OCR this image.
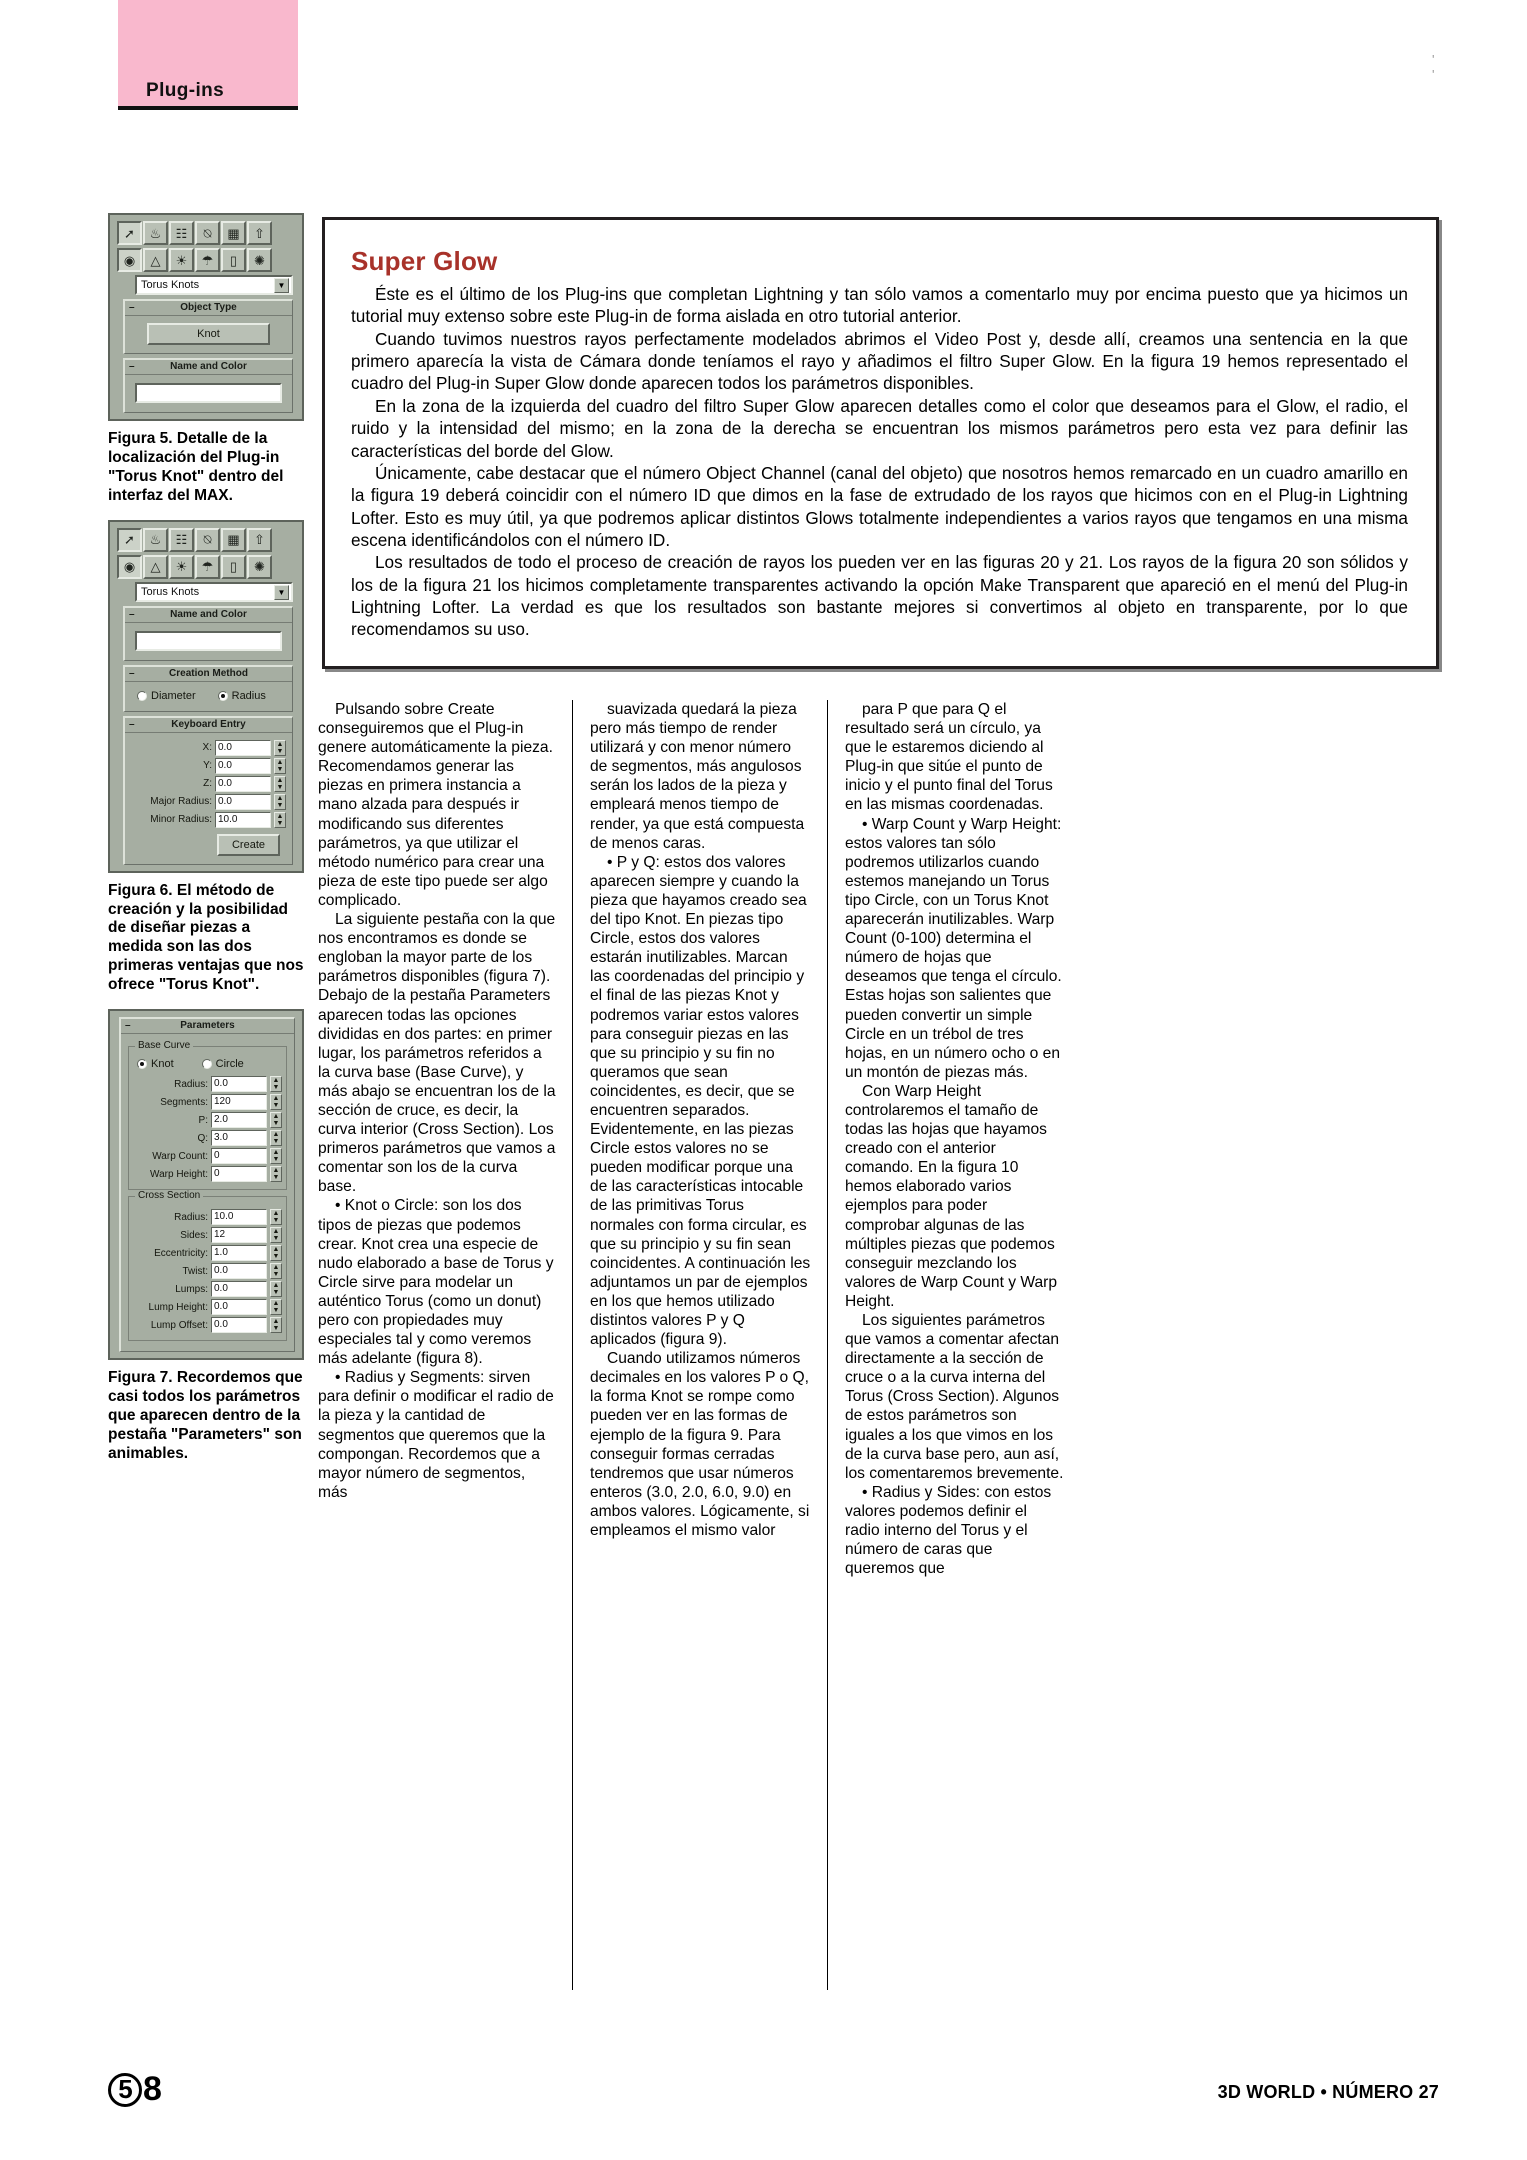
Plug-ins
' '
➚	♨	☷	⍉	▦	⇧
◉	△	☀	☂	▯	✺
Torus Knots	▼
–	Object Type
Knot
–	Name and Color
Figura 5. Detalle de la localización del Plug-in "Torus Knot" dentro del interfaz del MAX.
➚	♨	☷	⍉	▦	⇧
◉	△	☀	☂	▯	✺
Torus Knots	▼
–	Name and Color
–	Creation Method
Diameter	Radius
–	Keyboard Entry
X: 0.0	▲
▼
Y: 0.0	▲
▼
Z: 0.0	▲
▼
Major Radius: 0.0	▲
▼
Minor Radius: 10.0	▲
▼
Create
Figura 6. El método de creación y la posibilidad de diseñar piezas a medida son las dos primeras ventajas que nos ofrece "Torus Knot".
–	Parameters
Base Curve
Knot	Circle
Radius: 0.0	▲
▼
Segments: 120	▲
▼
P: 2.0	▲
▼
Q: 3.0	▲
▼
Warp Count: 0	▲
▼
Warp Height: 0	▲
▼
Cross Section
Radius: 10.0	▲
▼
Sides: 12	▲
▼
Eccentricity: 1.0	▲
▼
Twist: 0.0	▲
▼
Lumps: 0.0	▲
▼
Lump Height: 0.0	▲
▼
Lump Offset: 0.0	▲
▼
Figura 7. Recordemos que casi todos los parámetros que aparecen dentro de la pestaña "Parameters" son animables.
Super Glow

Éste es el último de los Plug-ins que completan Lightning y tan sólo vamos a comentarlo muy por encima puesto que ya hicimos un tutorial muy extenso sobre este Plug-in de forma aislada en otro tutorial anterior.

Cuando tuvimos nuestros rayos perfectamente modelados abrimos el Video Post y, desde allí, creamos una sentencia en la que primero aparecía la vista de Cámara donde teníamos el rayo y añadimos el filtro Super Glow. En la figura 19 hemos representado el cuadro del Plug-in Super Glow donde aparecen todos los parámetros disponibles.

En la zona de la izquierda del cuadro del filtro Super Glow aparecen detalles como el color que deseamos para el Glow, el radio, el ruido y la intensidad del mismo; en la zona de la derecha se encuentran los mismos parámetros pero esta vez para definir las características del borde del Glow.

Únicamente, cabe destacar que el número Object Channel (canal del objeto) que nosotros hemos remarcado en un cuadro amarillo en la figura 19 deberá coincidir con el número ID que dimos en la fase de extrudado de los rayos que hicimos con en el Plug-in Lightning Lofter. Esto es muy útil, ya que podremos aplicar distintos Glows totalmente independientes a varios rayos que tengamos en una misma escena identificándolos con el número ID.

Los resultados de todo el proceso de creación de rayos los pueden ver en las figuras 20 y 21. Los rayos de la figura 20 son sólidos y los de la figura 21 los hicimos completamente transparentes activando la opción Make Transparent que apareció en el menú del Plug-in Lightning Lofter. La verdad es que los resultados son bastante mejores si convertimos al objeto en transparente, por lo que recomendamos su uso.

Pulsando sobre Create conseguiremos que el Plug-in genere automáticamente la pieza. Recomendamos generar las piezas en primera instancia a mano alzada para después ir modificando sus diferentes parámetros, ya que utilizar el método numérico para crear una pieza de este tipo puede ser algo complicado.

La siguiente pestaña con la que nos encontramos es donde se engloban la mayor parte de los parámetros disponibles (figura 7). Debajo de la pestaña Parameters aparecen todas las opciones divididas en dos partes: en primer lugar, los parámetros referidos a la curva base (Base Curve), y más abajo se encuentran los de la sección de cruce, es decir, la curva interior (Cross Section). Los primeros parámetros que vamos a comentar son los de la curva base.

• Knot o Circle: son los dos tipos de piezas que podemos crear. Knot crea una especie de nudo elaborado a base de Torus y Circle sirve para modelar un auténtico Torus (como un donut) pero con propiedades muy especiales tal y como veremos más adelante (figura 8).

• Radius y Segments: sirven para definir o modificar el radio de la pieza y la cantidad de segmentos que queremos que la compongan. Recordemos que a mayor número de segmentos, más

suavizada quedará la pieza pero más tiempo de render utilizará y con menor número de segmentos, más angulosos serán los lados de la pieza y empleará menos tiempo de render, ya que está compuesta de menos caras.

• P y Q: estos dos valores aparecen siempre y cuando la pieza que hayamos creado sea del tipo Knot. En piezas tipo Circle, estos dos valores estarán inutilizables. Marcan las coordenadas del principio y el final de las piezas Knot y podremos variar estos valores para conseguir piezas en las que su principio y su fin no queramos que sean coincidentes, es decir, que se encuentren separados. Evidentemente, en las piezas Circle estos valores no se pueden modificar porque una de las características intocable de las primitivas Torus normales con forma circular, es que su principio y su fin sean coincidentes. A continuación les adjuntamos un par de ejemplos en los que hemos utilizado distintos valores P y Q aplicados (figura 9).

Cuando utilizamos números decimales en los valores P o Q, la forma Knot se rompe como pueden ver en las formas de ejemplo de la figura 9. Para conseguir formas cerradas tendremos que usar números enteros (3.0, 2.0, 6.0, 9.0) en ambos valores. Lógicamente, si empleamos el mismo valor

para P que para Q el resultado será un círculo, ya que le estaremos diciendo al Plug-in que sitúe el punto de inicio y el punto final del Torus en las mismas coordenadas.

• Warp Count y Warp Height: estos valores tan sólo podremos utilizarlos cuando estemos manejando un Torus tipo Circle, con un Torus Knot aparecerán inutilizables. Warp Count (0-100) determina el número de hojas que deseamos que tenga el círculo. Estas hojas son salientes que pueden convertir un simple Circle en un trébol de tres hojas, en un número ocho o en un montón de piezas más.

Con Warp Height controlaremos el tamaño de todas las hojas que hayamos creado con el anterior comando. En la figura 10 hemos elaborado varios ejemplos para poder comprobar algunas de las múltiples piezas que podemos conseguir mezclando los valores de Warp Count y Warp Height.

Los siguientes parámetros que vamos a comentar afectan directamente a la sección de cruce o a la curva interna del Torus (Cross Section). Algunos de estos parámetros son iguales a los que vimos en los de la curva base pero, aun así, los comentaremos brevemente.

• Radius y Sides: con estos valores podemos definir el radio interno del Torus y el número de caras que queremos que

5 8	3D WORLD • NÚMERO 27
